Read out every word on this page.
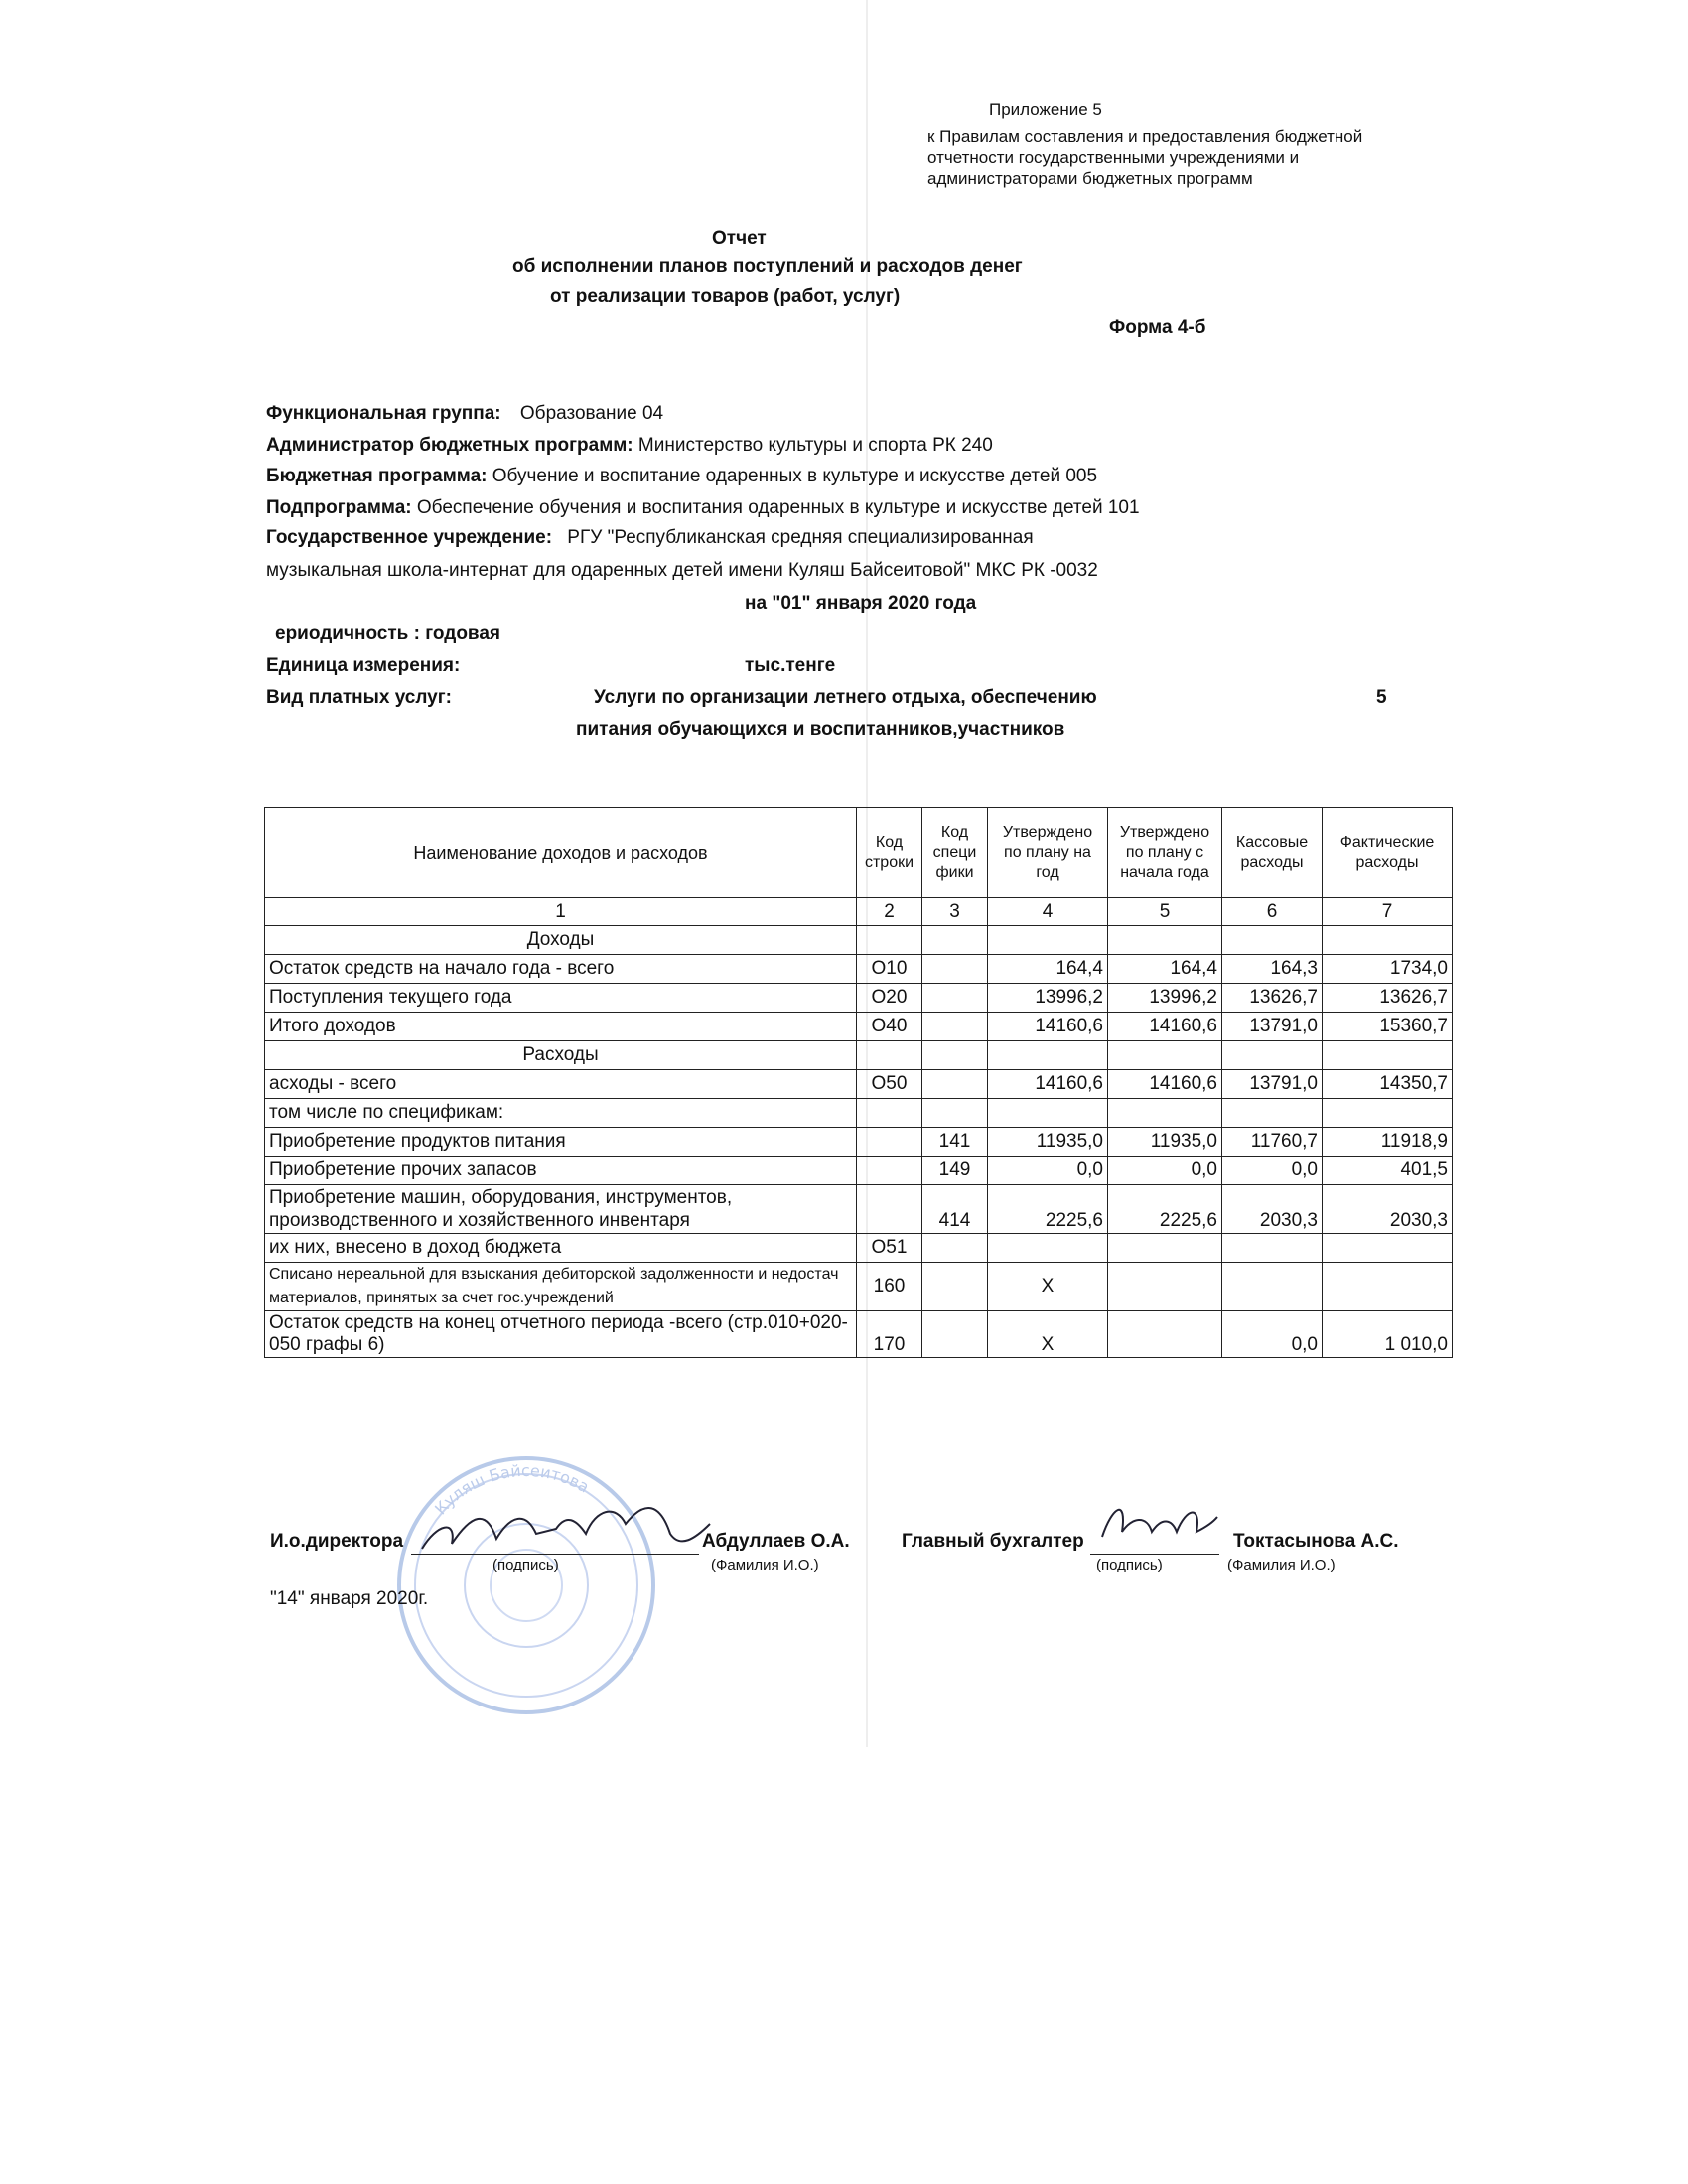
Приложение 5
к Правилам составления и предоставления бюджетной
отчетности государственными учреждениями и
администраторами бюджетных программ
Отчет
об исполнении планов поступлений и расходов денег
от реализации товаров (работ, услуг)
Форма 4-б
Функциональная группа: Образование 04
Администратор бюджетных программ: Министерство культуры и спорта РК 240
Бюджетная программа: Обучение и воспитание одаренных в культуре и искусстве детей 005
Подпрограмма: Обеспечение обучения и воспитания одаренных в культуре и искусстве детей 101
Государственное учреждение: РГУ "Республиканская средняя специализированная
музыкальная школа-интернат для одаренных детей имени Куляш Байсеитовой" МКС РК -0032
на "01" января 2020 года
ериодичность : годовая
Единица измерения:	тыс.тенге
Вид платных услуг:	Услуги по организации летнего отдыха, обеспечению
питания обучающихся и воспитанников,участников
5
Наименование доходов и расходов	Код строки	Код специ фики	Утверждено по плану на год	Утверждено по плану с начала года	Кассовые расходы	Фактические расходы
1	2	3	4	5	6	7
Доходы						
Остаток средств на начало года - всего	О10		164,4	164,4	164,3	1734,0
Поступления текущего года	О20		13996,2	13996,2	13626,7	13626,7
Итого доходов	О40		14160,6	14160,6	13791,0	15360,7
Расходы						
асходы - всего	О50		14160,6	14160,6	13791,0	14350,7
том числе по спецификам:						
Приобретение продуктов питания		141	11935,0	11935,0	11760,7	11918,9
Приобретение прочих запасов		149	0,0	0,0	0,0	401,5
Приобретение машин, оборудования, инструментов, производственного и хозяйственного инвентаря		414	2225,6	2225,6	2030,3	2030,3
их них, внесено в доход бюджета	О51					
Списано нереальной для взыскания дебиторской задолженности и недостач материалов, принятых за счет гос.учреждений	160		X			
Остаток средств на конец отчетного периода -всего (стр.010+020-050 графы 6)	170		X		0,0	1 010,0
Куляш Байсеитова
И.о.директора	Абдуллаев О.А.
(подпись)	(Фамилия И.О.)
Главный бухгалтер	Токтасынова А.С.
(подпись)	(Фамилия И.О.)
"14" января 2020г.
